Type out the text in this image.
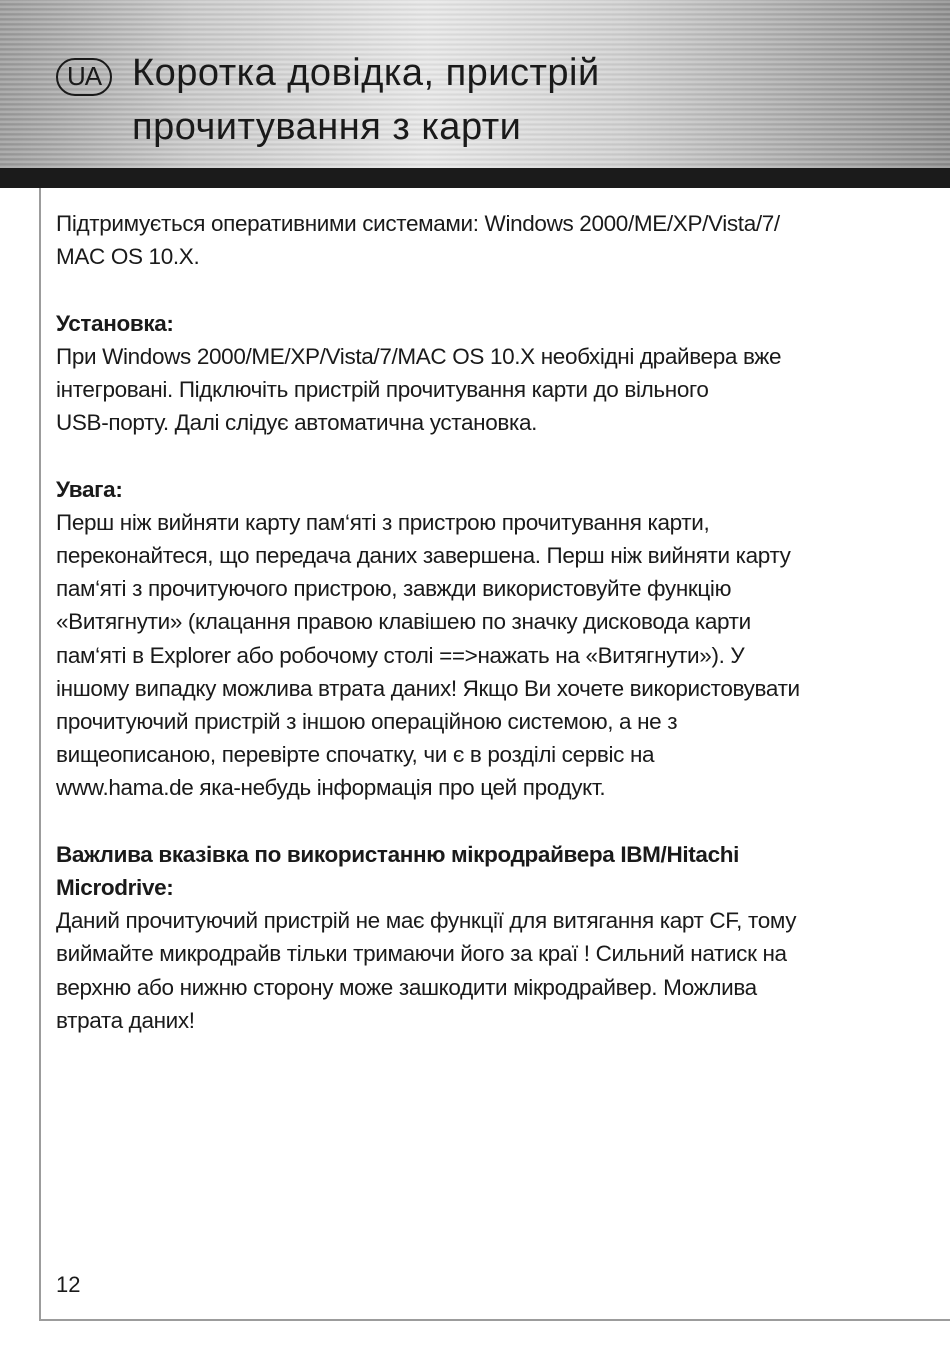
UA Коротка довідка, пристрій
прочитування з карти

Підтримується оперативними системами: Windows 2000/ME/XP/Vista/7/

MAC OS 10.X.

Установка:

При Windows 2000/ME/XP/Vista/7/MAC OS 10.X необхідні драйвера вже

інтегровані. Підключіть пристрій прочитування карти до вільного

USB-порту. Далі слідує автоматична установка.

Увага:

Перш ніж вийняти карту пам‘яті з пристрою прочитування карти,

переконайтеся, що передача даних завершена. Перш ніж вийняти карту

пам‘яті з прочитуючого пристрою, завжди використовуйте функцію

«Витягнути» (клацання правою клавішею по значку дисковода карти

пам‘яті в Explorer або робочому столі ==>нажать на «Витягнути»). У

іншому випадку можлива втрата даних! Якщо Ви хочете використовувати

прочитуючий пристрій з іншою операційною системою, а не з

вищеописаною, перевірте спочатку, чи є в розділі сервіс на

www.hama.de яка-небудь інформація про цей продукт.

Важлива вказівка по використанню мікродрайвера IBM/Hitachi

Microdrive:

Даний прочитуючий пристрій не має функції для витягання карт CF, тому

виймайте микродрайв тільки тримаючи його за краї ! Сильний натиск на

верхню або нижню сторону може зашкодити мікродрайвер. Можлива

втрата даних!

12
